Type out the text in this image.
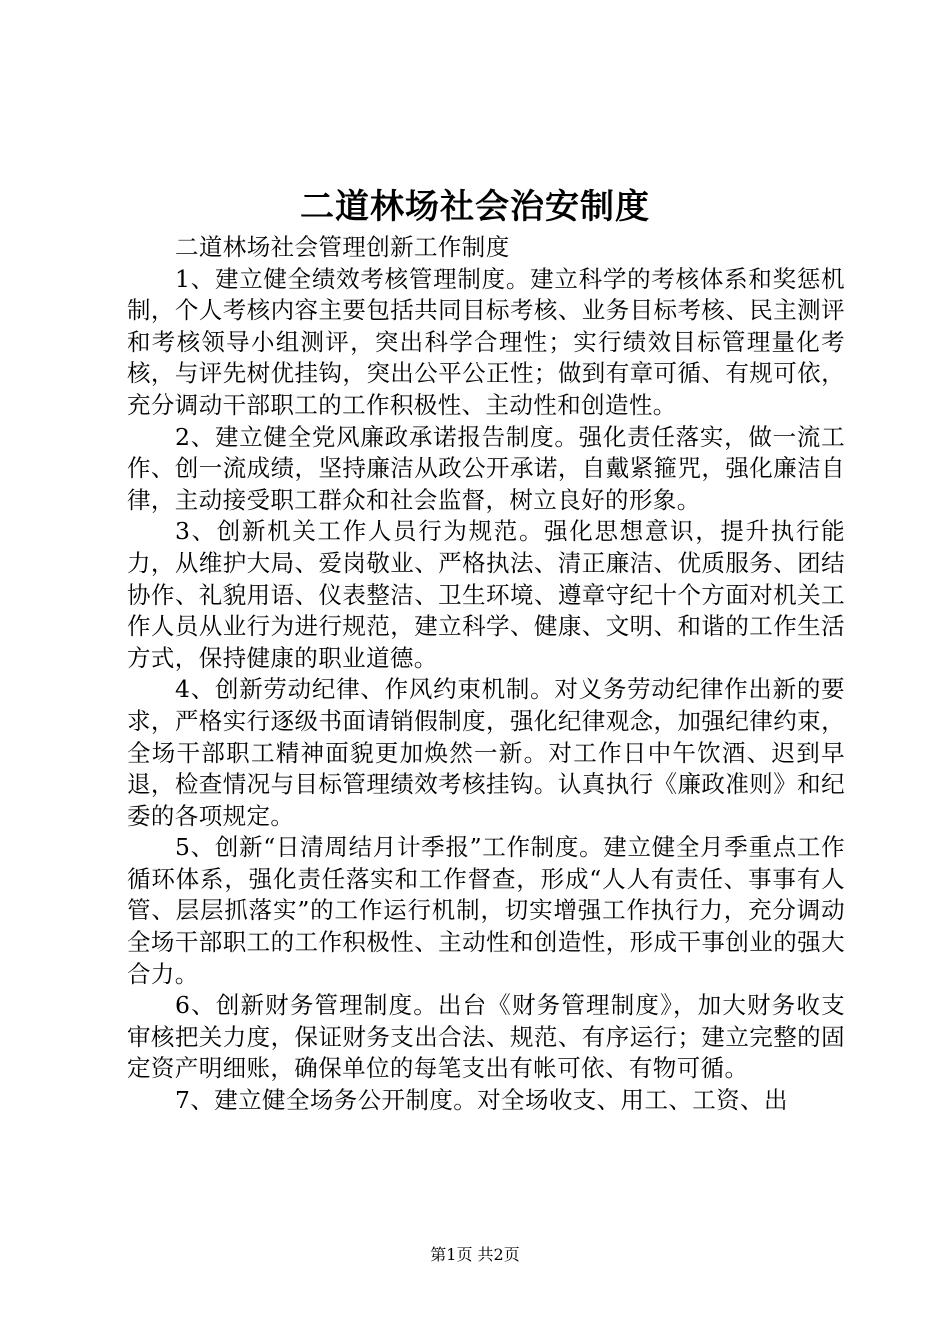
二道林场社会治安制度

二道林场社会管理创新工作制度

1、建立健全绩效考核管理制度。建立科学的考核体系和奖惩机制，个人考核内容主要包括共同目标考核、业务目标考核、民主测评和考核领导小组测评，突出科学合理性；实行绩效目标管理量化考核，与评先树优挂钩，突出公平公正性；做到有章可循、有规可依，充分调动干部职工的工作积极性、主动性和创造性。

2、建立健全党风廉政承诺报告制度。强化责任落实，做一流工作、创一流成绩，坚持廉洁从政公开承诺，自戴紧箍咒，强化廉洁自律，主动接受职工群众和社会监督，树立良好的形象。

3、创新机关工作人员行为规范。强化思想意识，提升执行能力，从维护大局、爱岗敬业、严格执法、清正廉洁、优质服务、团结协作、礼貌用语、仪表整洁、卫生环境、遵章守纪十个方面对机关工作人员从业行为进行规范，建立科学、健康、文明、和谐的工作生活方式，保持健康的职业道德。

4、创新劳动纪律、作风约束机制。对义务劳动纪律作出新的要求，严格实行逐级书面请销假制度，强化纪律观念，加强纪律约束，全场干部职工精神面貌更加焕然一新。对工作日中午饮酒、迟到早退，检查情况与目标管理绩效考核挂钩。认真执行《廉政准则》和纪委的各项规定。

5、创新“日清周结月计季报”工作制度。建立健全月季重点工作循环体系，强化责任落实和工作督查，形成“人人有责任、事事有人管、层层抓落实”的工作运行机制，切实增强工作执行力，充分调动全场干部职工的工作积极性、主动性和创造性，形成干事创业的强大合力。

6、创新财务管理制度。出台《财务管理制度》，加大财务收支审核把关力度，保证财务支出合法、规范、有序运行；建立完整的固定资产明细账，确保单位的每笔支出有帐可依、有物可循。

7、建立健全场务公开制度。对全场收支、用工、工资、出

第1页 共2页
